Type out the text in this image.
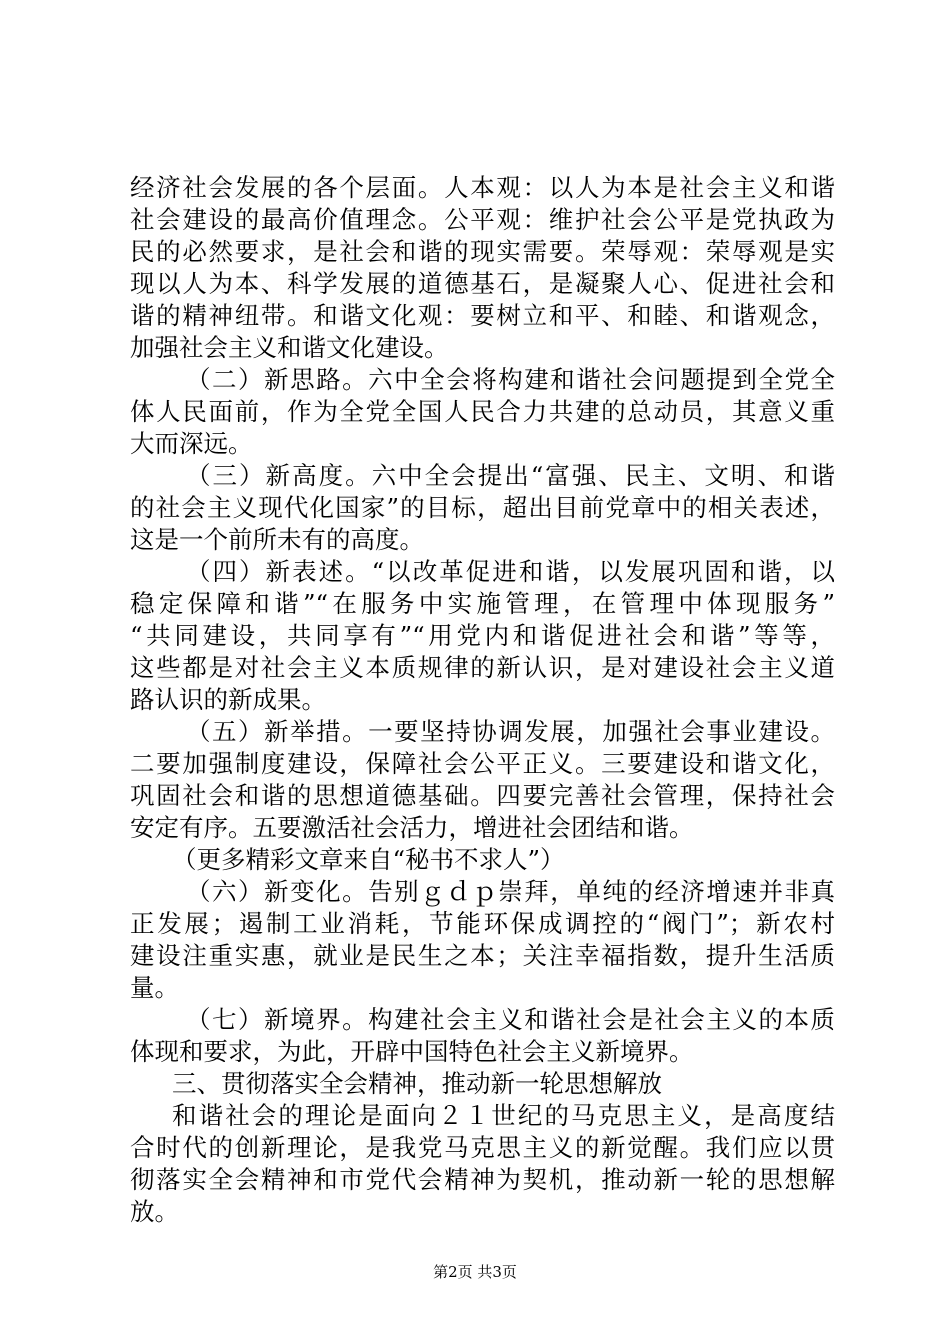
经济社会发展的各个层面。人本观：以人为本是社会主义和谐
社会建设的最高价值理念。公平观：维护社会公平是党执政为
民的必然要求，是社会和谐的现实需要。荣辱观：荣辱观是实
现以人为本、科学发展的道德基石，是凝聚人心、促进社会和
谐的精神纽带。和谐文化观：要树立和平、和睦、和谐观念，
加强社会主义和谐文化建设。
（二）新思路。六中全会将构建和谐社会问题提到全党全
体人民面前，作为全党全国人民合力共建的总动员，其意义重
大而深远。
（三）新高度。六中全会提出“富强、民主、文明、和谐
的社会主义现代化国家”的目标，超出目前党章中的相关表述，
这是一个前所未有的高度。
（四）新表述。“以改革促进和谐，以发展巩固和谐，以
稳定保障和谐”“在服务中实施管理，在管理中体现服务”
“共同建设，共同享有”“用党内和谐促进社会和谐”等等，
这些都是对社会主义本质规律的新认识，是对建设社会主义道
路认识的新成果。
（五）新举措。一要坚持协调发展，加强社会事业建设。
二要加强制度建设，保障社会公平正义。三要建设和谐文化，
巩固社会和谐的思想道德基础。四要完善社会管理，保持社会
安定有序。五要激活社会活力，增进社会团结和谐。
（更多精彩文章来自“秘书不求人”）
（六）新变化。告别ｇｄｐ崇拜，单纯的经济增速并非真
正发展；遏制工业消耗，节能环保成调控的“阀门”；新农村
建设注重实惠，就业是民生之本；关注幸福指数，提升生活质
量。
（七）新境界。构建社会主义和谐社会是社会主义的本质
体现和要求，为此，开辟中国特色社会主义新境界。
三、贯彻落实全会精神，推动新一轮思想解放
和谐社会的理论是面向２１世纪的马克思主义，是高度结
合时代的创新理论，是我党马克思主义的新觉醒。我们应以贯
彻落实全会精神和市党代会精神为契机，推动新一轮的思想解
放。
第2页 共3页
